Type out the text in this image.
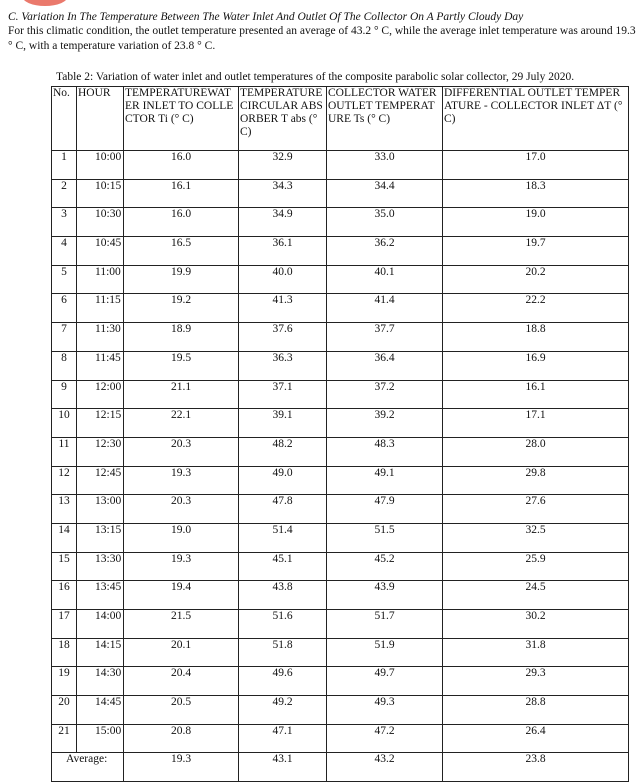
C. Variation In The Temperature Between The Water Inlet And Outlet Of The Collector On A Partly Cloudy Day
For this climatic condition, the outlet temperature presented an average of 43.2 ° C, while the average inlet temperature was around 19.3 ° C, with a temperature variation of 23.8 ° C.
Table 2: Variation of water inlet and outlet temperatures of the composite parabolic solar collector, 29 July 2020.
No.	HOUR	TEMPERATUREWATER INLET TO COLLECTOR Ti (° C)	TEMPERATURE CIRCULAR ABSORBER T abs (° C)	COLLECTOR WATER OUTLET TEMPERATURE Ts (° C)	DIFFERENTIAL OUTLET TEMPERATURE - COLLECTOR INLET ΔT (° C)
1	10:00	16.0	32.9	33.0	17.0
2	10:15	16.1	34.3	34.4	18.3
3	10:30	16.0	34.9	35.0	19.0
4	10:45	16.5	36.1	36.2	19.7
5	11:00	19.9	40.0	40.1	20.2
6	11:15	19.2	41.3	41.4	22.2
7	11:30	18.9	37.6	37.7	18.8
8	11:45	19.5	36.3	36.4	16.9
9	12:00	21.1	37.1	37.2	16.1
10	12:15	22.1	39.1	39.2	17.1
11	12:30	20.3	48.2	48.3	28.0
12	12:45	19.3	49.0	49.1	29.8
13	13:00	20.3	47.8	47.9	27.6
14	13:15	19.0	51.4	51.5	32.5
15	13:30	19.3	45.1	45.2	25.9
16	13:45	19.4	43.8	43.9	24.5
17	14:00	21.5	51.6	51.7	30.2
18	14:15	20.1	51.8	51.9	31.8
19	14:30	20.4	49.6	49.7	29.3
20	14:45	20.5	49.2	49.3	28.8
21	15:00	20.8	47.1	47.2	26.4
Average:		19.3	43.1	43.2	23.8
